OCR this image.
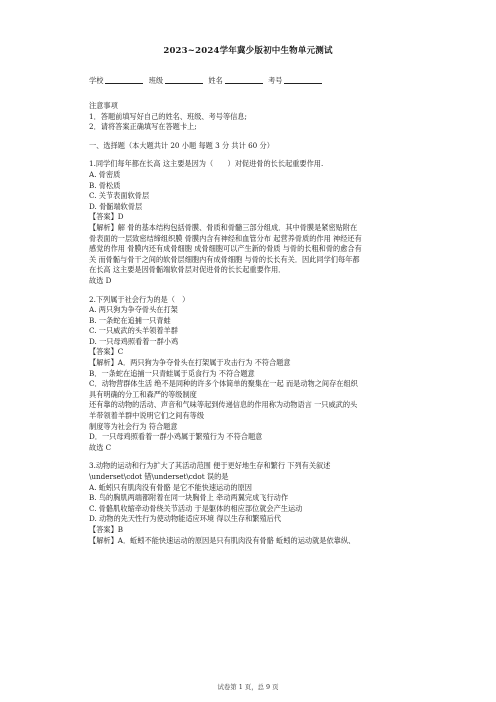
2023~2024学年冀少版初中生物单元测试
学校	班级	姓名	考号
注意事项
1．答题前填写好自己的姓名、班级、考号等信息;
2．请将答案正确填写在答题卡上;
一、选择题（本大题共计 20 小题 每题 3 分 共计 60 分）
1.同学们每年都在长高 这主要是因为（　　）对促进骨的长长起重要作用.
A. 骨密质
B. 骨松质
C. 关节表面软骨层
D. 骨骺端软骨层
【答案】D
【解析】解 骨的基本结构包括骨膜、骨质和骨髓三部分组成．其中骨膜是紧密贴附在
骨表面的一层致密结缔组织膜 骨膜内含有神经和血管分布 起营养骨质的作用 神经还有
感觉的作用 骨膜内还有成骨细胞 成骨细胞可以产生新的骨质 与骨的长粗和骨的愈合有
关 而骨骺与骨干之间的软骨层细胞内有成骨细胞 与骨的长长有关．因此同学们每年都
在长高 这主要是因骨骺端软骨层对促进骨的长长起重要作用．
故选 D
2.下列属于社会行为的是（　）
A. 两只狗为争夺骨头在打架
B. 一条蛇在追捕一只青蛙
C. 一只威武的头羊领着羊群
D. 一只母鸡照看着一群小鸡
【答案】C
【解析】A．两只狗为争夺骨头在打架属于攻击行为 不符合题意
B．一条蛇在追捕一只青蛙属于觅食行为 不符合题意
C．动物营群体生活 绝不是同种的许多个体简单的聚集在一起 而是动物之间存在组织
具有明确的分工和森严的等级制度
还有靠的动物的活动、声音和气味等起到传递信息的作用称为动物语言 一只威武的头
羊带领着羊群中说明它们之间有等级
制度等为社会行为 符合题意
D．一只母鸡照看着一群小鸡属于繁殖行为 不符合题意
故选 C
3.动物的运动和行为扩大了其活动范围 便于更好地生存和繁行 下列有关叙述
\underset\cdot 错\underset\cdot 误的是
A. 蚯蚓只有肌肉没有骨骼 是它不能快速运动的原因
B. 鸟的胸肌两端都附着在同一块胸骨上 牵动两翼完成飞行动作
C. 骨骼肌收缩牵动骨绕关节活动 于是躯体的相应部位就会产生运动
D. 动物的先天性行为使动物能适应环境 得以生存和繁殖后代
【答案】B
【解析】A．蚯蚓不能快速运动的原因是只有肌肉没有骨骼 蚯蚓的运动就是依靠纵、
试卷第 1 页，总 9 页
